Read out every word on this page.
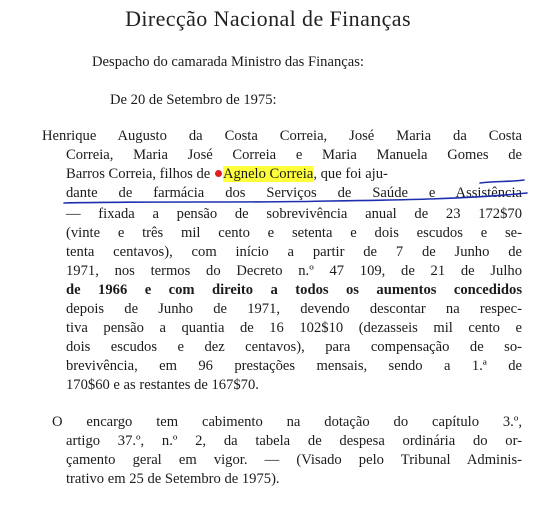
Direcção Nacional de Finanças
Despacho do camarada Ministro das Finanças:
De 20 de Setembro de 1975:
Henrique Augusto da Costa Correia, José Maria da Costa
Correia, Maria José Correia e Maria Manuela Gomes de
Barros Correia, filhos de Agnelo Correia, que foi aju-
dante de farmácia dos Serviços de Saúde e Assistência
— fixada a pensão de sobrevivência anual de 23 172$70
(vinte e três mil cento e setenta e dois escudos e se-
tenta centavos), com início a partir de 7 de Junho de
1971, nos termos do Decreto n.º 47 109, de 21 de Julho
de 1966 e com direito a todos os aumentos concedidos
depois de Junho de 1971, devendo descontar na respec-
tiva pensão a quantia de 16 102$10 (dezasseis mil cento e
dois escudos e dez centavos), para compensação de so-
brevivência, em 96 prestações mensais, sendo a 1.ª de
170$60 e as restantes de 167$70.
O encargo tem cabimento na dotação do capítulo 3.º,
artigo 37.º, n.º 2, da tabela de despesa ordinária do or-
çamento geral em vigor. — (Visado pelo Tribunal Adminis-
trativo em 25 de Setembro de 1975).
